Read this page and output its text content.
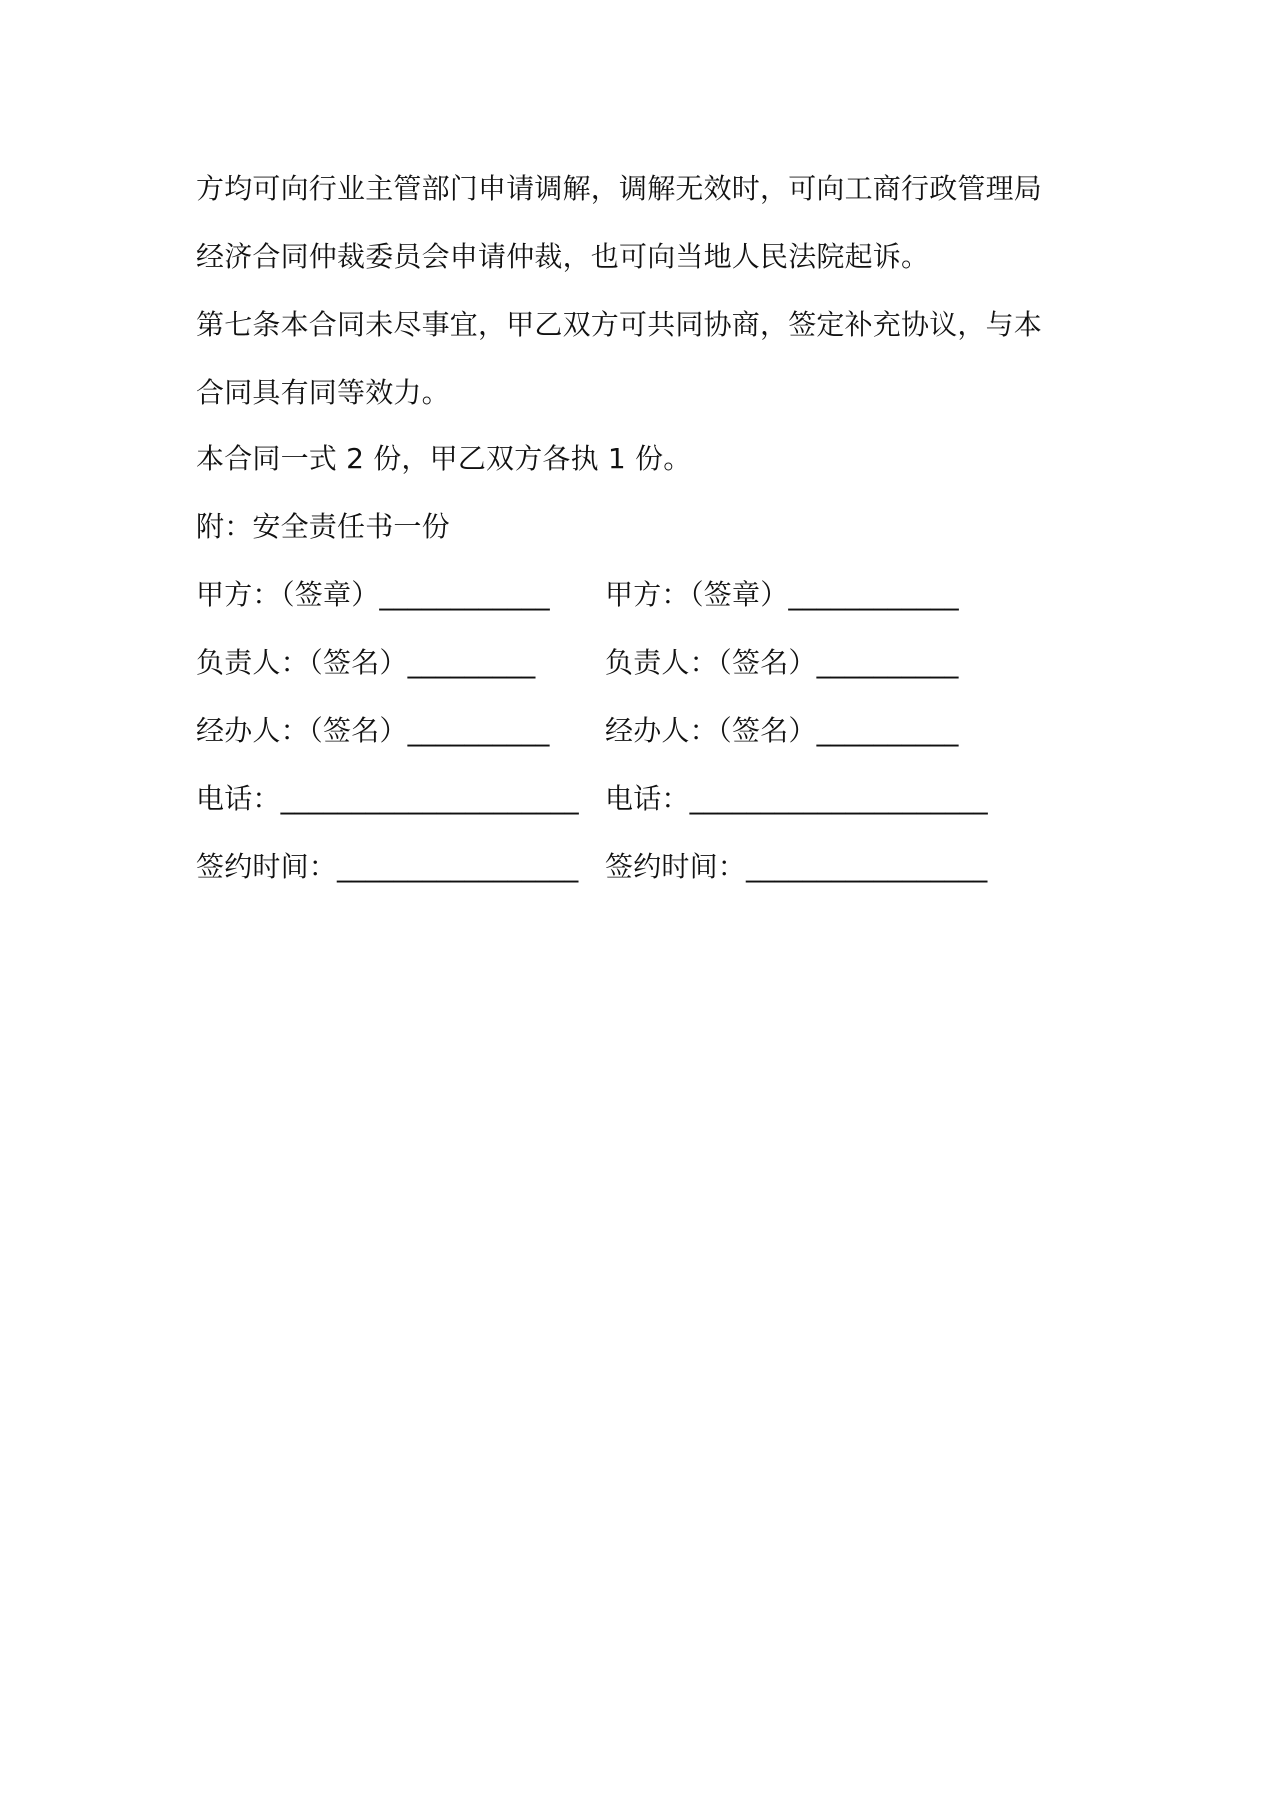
方均可向行业主管部门申请调解，调解无效时，可向工商行政管理局
经济合同仲裁委员会申请仲裁，也可向当地人民法院起诉。
第七条本合同未尽事宜，甲乙双方可共同协商，签定补充协议，与本
合同具有同等效力。
本合同一式 2 份，甲乙双方各执 1 份。
附：安全责任书一份
甲方：（签章）____________ 甲方：（签章）____________
负责人：（签名）_________ 负责人：（签名）__________
经办人：（签名）__________ 经办人：（签名）__________
电话：_____________________ 电话：_____________________
签约时间：_________________ 签约时间：_________________
